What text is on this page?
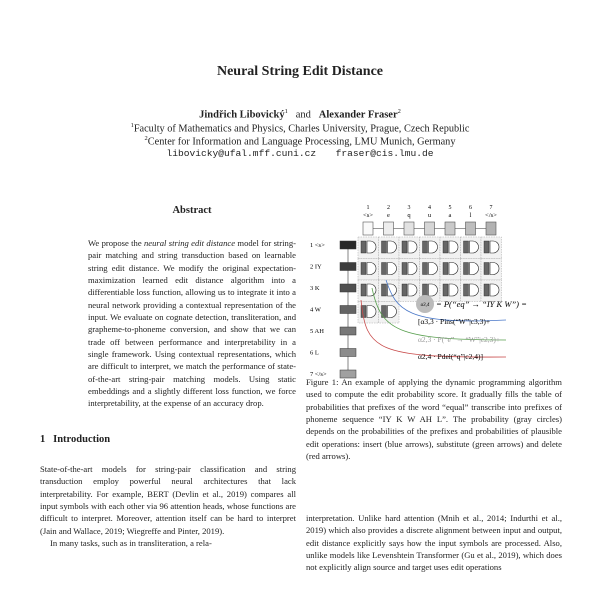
Neural String Edit Distance
Jindřich Libovický$^1$ and Alexander Fraser$^2$
$^1$Faculty of Mathematics and Physics, Charles University, Prague, Czech Republic
$^2$Center for Information and Language Processing, LMU Munich, Germany
libovicky@ufal.mff.cuni.cz  fraser@cis.lmu.de
Abstract
We propose the neural string edit distance model for string-pair matching and string transduction based on learnable string edit distance. We modify the original expectation-maximization learned edit distance algorithm into a differentiable loss function, allowing us to integrate it into a neural network providing a contextual representation of the input. We evaluate on cognate detection, transliteration, and grapheme-to-phoneme conversion, and show that we can trade off between performance and interpretability in a single framework. Using contextual representations, which are difficult to interpret, we match the performance of state-of-the-art string-pair matching models. Using static embeddings and a slightly different loss function, we force interpretability, at the expense of an accuracy drop.
1 Introduction
State-of-the-art models for string-pair classification and string transduction employ powerful neural architectures that lack interpretability. For example, BERT (Devlin et al., 2019) compares all input symbols with each other via 96 attention heads, whose functions are difficult to interpret. Moreover, attention itself can be hard to interpret (Jain and Wallace, 2019; Wiegreffe and Pinter, 2019).
In many tasks, such as in transliteration, a rela-
1
<s>
2
e
3
q
4
u
5
a
6
l
7
</s>
1 <s>
2 IY
3 K
4 W
5 AH
6 L
7 </s>
α3,4 = P(“eq” → “IY K W”) =
[α3,3 · Pins(“W”|c3,3)+
α2,3 · P(“e” → “W”|c2,3)+
α2,4 · Pdel(“q”|c2,4)]
Figure 1: An example of applying the dynamic programming algorithm used to compute the edit probability score. It gradually fills the table of probabilities that prefixes of the word “equal” transcribe into prefixes of phoneme sequence “IY K W AH L”. The probability (gray circles) depends on the probabilities of the prefixes and probabilities of plausible edit operations: insert (blue arrows), substitute (green arrows) and delete (red arrows).
interpretation. Unlike hard attention (Mnih et al., 2014; Indurthi et al., 2019) which also provides a discrete alignment between input and output, edit distance explicitly says how the input symbols are processed. Also, unlike models like Levenshtein Transformer (Gu et al., 2019), which does not explicitly align source and target uses edit operations
